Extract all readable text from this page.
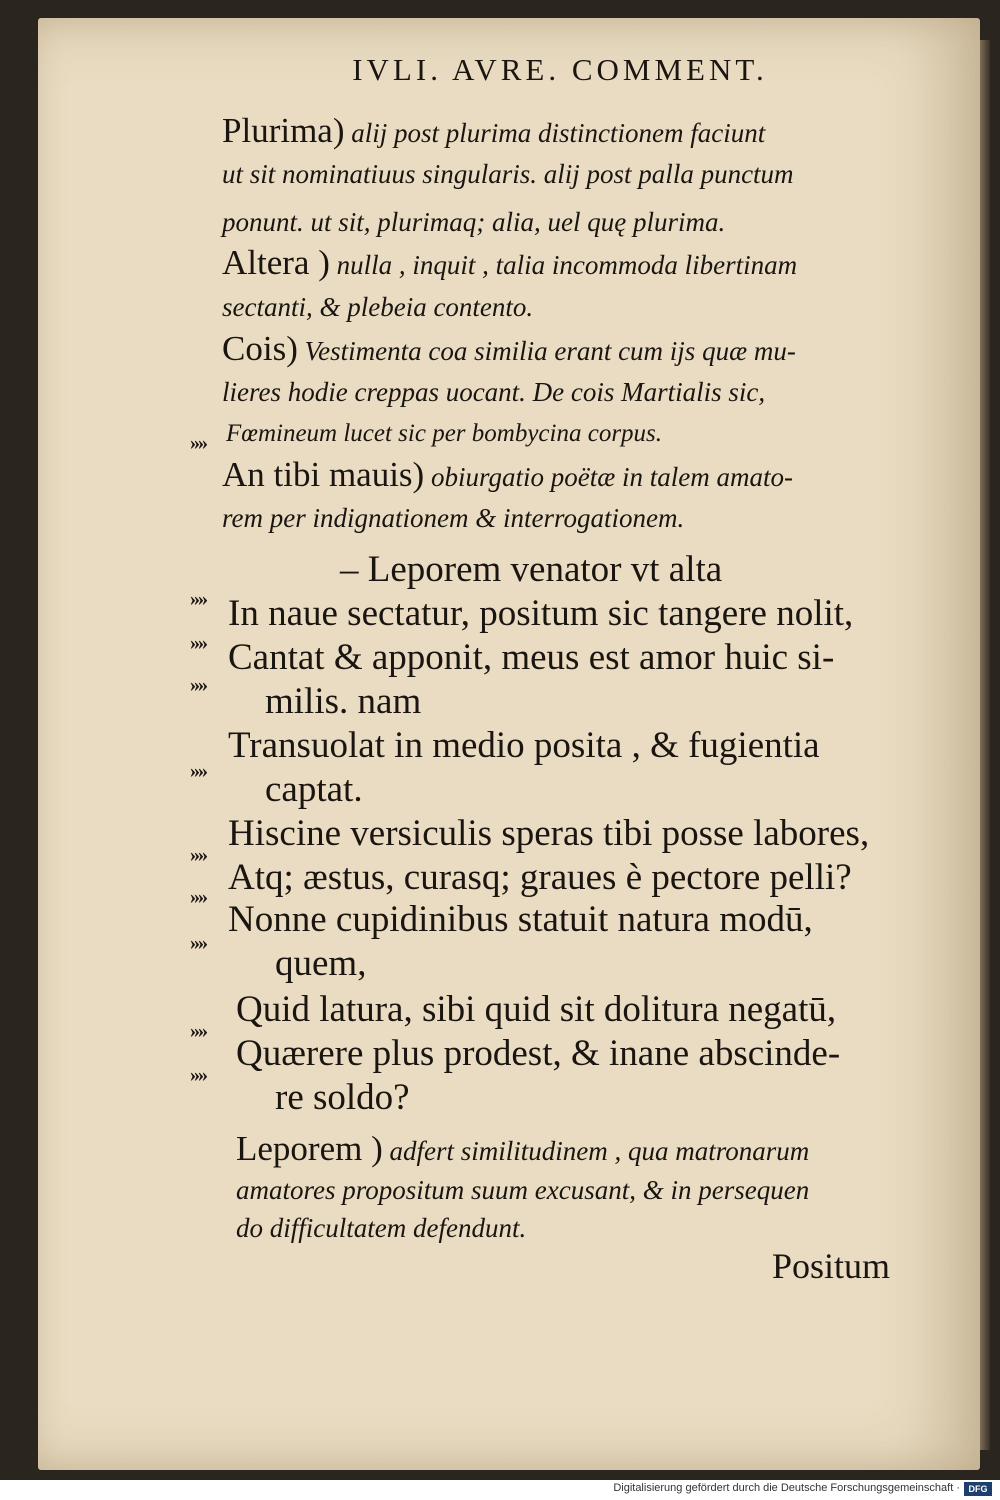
IVLI. AVRE. COMMENT.
Plurima) alij post plurima distinctionem faciunt
ut sit nominatiuus singularis. alij post palla punctum
ponunt. ut sit, plurimaq; alia, uel quę plurima.
Altera ) nulla , inquit , talia incommoda libertinam
sectanti, & plebeia contento.
Cois) Vestimenta coa similia erant cum ijs quæ mu-
lieres hodie creppas uocant. De cois Martialis sic,
»» Fœmineum lucet sic per bombycina corpus.
An tibi mauis) obiurgatio poëtæ in talem amato-
rem per indignationem & interrogationem.
– Leporem venator vt alta
»» In naue sectatur, positum sic tangere nolit,
»» Cantat & apponit, meus est amor huic si-
»» milis. nam
»»
Transuolat in medio posita , & fugientia
captat.
»»
Hiscine versiculis speras tibi posse labores,
»» Atq; æstus, curasq; graues è pectore pelli?
»»
Nonne cupidinibus statuit natura modū,
quem,
»»
Quid latura, sibi quid sit dolitura negatū,
»»
Quærere plus prodest, & inane abscinde-
re soldo?
Leporem ) adfert similitudinem , qua matronarum
amatores propositum suum excusant, & in persequen
do difficultatem defendunt.
Positum
Digitalisierung gefördert durch die Deutsche Forschungsgemeinschaft · DFG
